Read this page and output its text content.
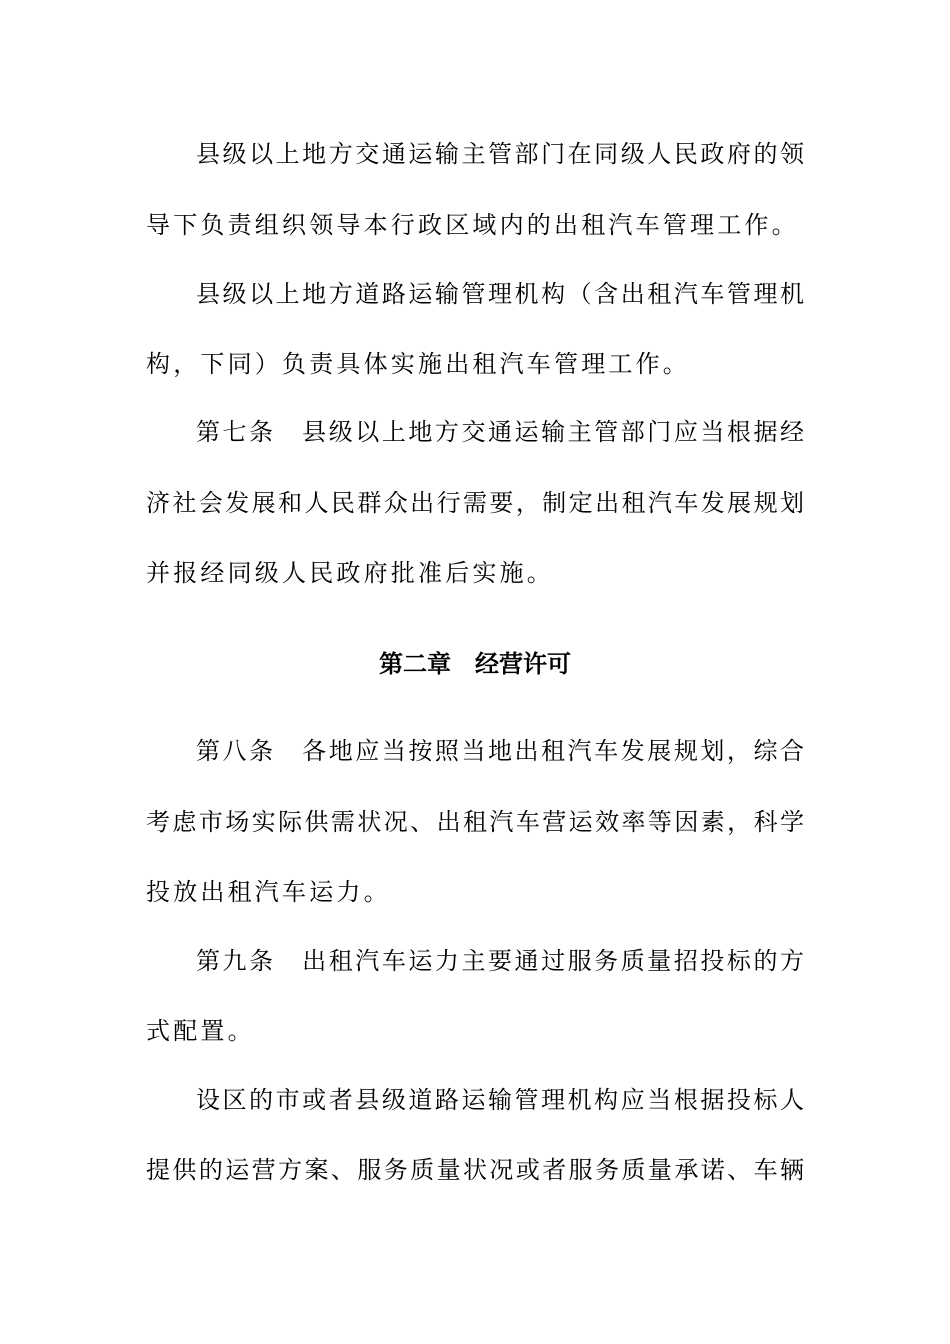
县级以上地方交通运输主管部门在同级人民政府的领
导下负责组织领导本行政区域内的出租汽车管理工作。
县级以上地方道路运输管理机构（含出租汽车管理机
构，下同）负责具体实施出租汽车管理工作。
第七条　县级以上地方交通运输主管部门应当根据经
济社会发展和人民群众出行需要，制定出租汽车发展规划
并报经同级人民政府批准后实施。
第二章　经营许可
第八条　各地应当按照当地出租汽车发展规划，综合
考虑市场实际供需状况、出租汽车营运效率等因素，科学
投放出租汽车运力。
第九条　出租汽车运力主要通过服务质量招投标的方
式配置。
设区的市或者县级道路运输管理机构应当根据投标人
提供的运营方案、服务质量状况或者服务质量承诺、车辆
